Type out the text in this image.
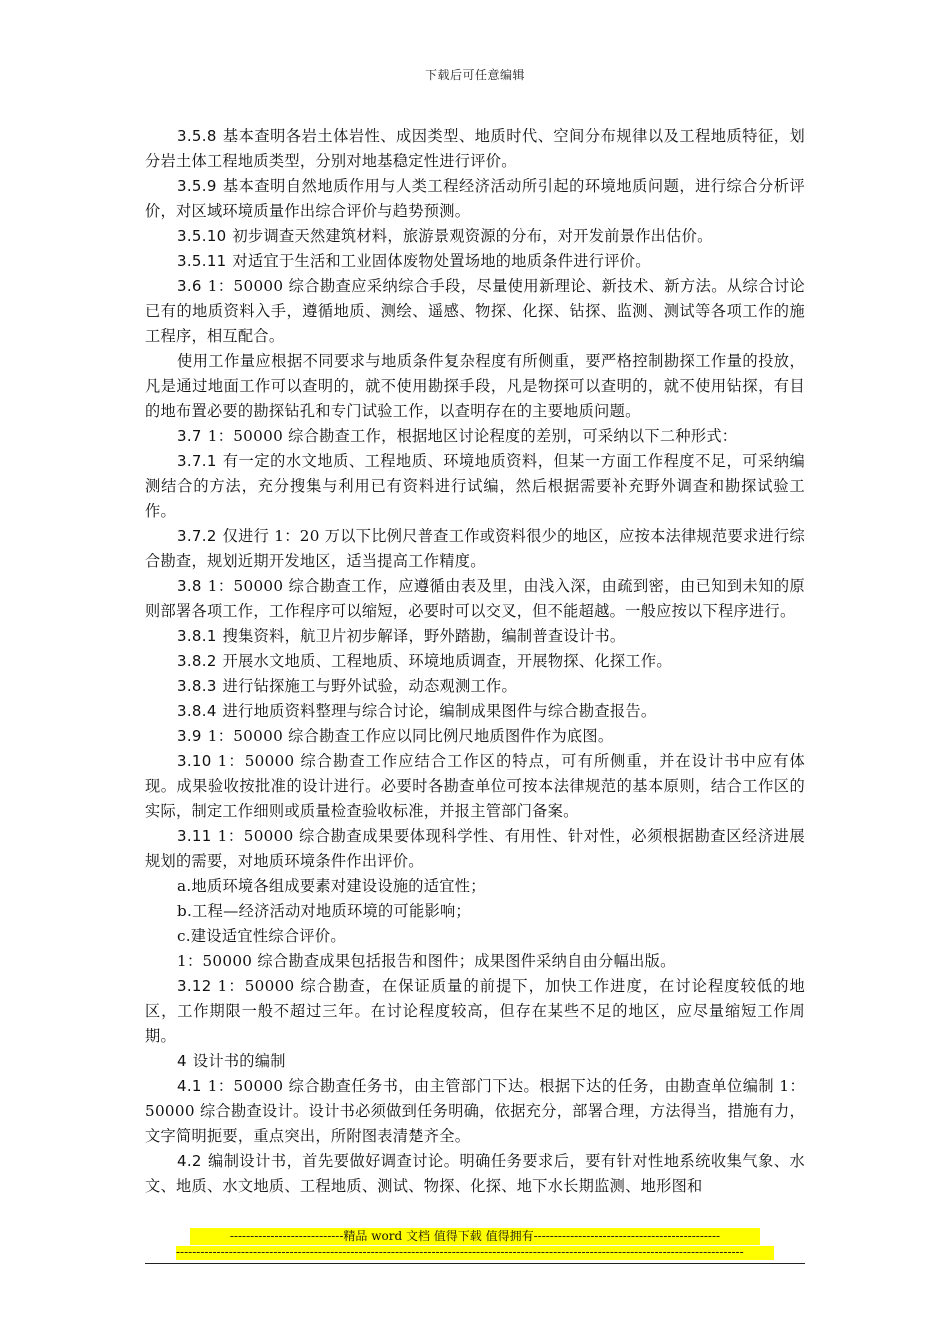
下载后可任意编辑

3.5.8 基本查明各岩土体岩性、成因类型、地质时代、空间分布规律以及工程地质特征，划分岩土体工程地质类型，分别对地基稳定性进行评价。

3.5.9 基本查明自然地质作用与人类工程经济活动所引起的环境地质问题，进行综合分析评价，对区域环境质量作出综合评价与趋势预测。

3.5.10 初步调查天然建筑材料，旅游景观资源的分布，对开发前景作出估价。

3.5.11 对适宜于生活和工业固体废物处置场地的地质条件进行评价。

3.6 1：50000 综合勘查应采纳综合手段，尽量使用新理论、新技术、新方法。从综合讨论已有的地质资料入手，遵循地质、测绘、遥感、物探、化探、钻探、监测、测试等各项工作的施工程序，相互配合。

使用工作量应根据不同要求与地质条件复杂程度有所侧重，要严格控制勘探工作量的投放，凡是通过地面工作可以查明的，就不使用勘探手段，凡是物探可以查明的，就不使用钻探，有目的地布置必要的勘探钻孔和专门试验工作，以查明存在的主要地质问题。

3.7 1：50000 综合勘查工作，根据地区讨论程度的差别，可采纳以下二种形式：

3.7.1 有一定的水文地质、工程地质、环境地质资料，但某一方面工作程度不足，可采纳编测结合的方法，充分搜集与利用已有资料进行试编，然后根据需要补充野外调查和勘探试验工作。

3.7.2 仅进行 1：20 万以下比例尺普查工作或资料很少的地区，应按本法律规范要求进行综合勘查，规划近期开发地区，适当提高工作精度。

3.8 1：50000 综合勘查工作，应遵循由表及里，由浅入深，由疏到密，由已知到未知的原则部署各项工作，工作程序可以缩短，必要时可以交叉，但不能超越。一般应按以下程序进行。

3.8.1 搜集资料，航卫片初步解译，野外踏勘，编制普查设计书。

3.8.2 开展水文地质、工程地质、环境地质调查，开展物探、化探工作。

3.8.3 进行钻探施工与野外试验，动态观测工作。

3.8.4 进行地质资料整理与综合讨论，编制成果图件与综合勘查报告。

3.9 1：50000 综合勘查工作应以同比例尺地质图件作为底图。

3.10 1：50000 综合勘查工作应结合工作区的特点，可有所侧重，并在设计书中应有体现。成果验收按批准的设计进行。必要时各勘查单位可按本法律规范的基本原则，结合工作区的实际，制定工作细则或质量检查验收标准，并报主管部门备案。

3.11 1：50000 综合勘查成果要体现科学性、有用性、针对性，必须根据勘查区经济进展规划的需要，对地质环境条件作出评价。

a.地质环境各组成要素对建设设施的适宜性；

b.工程—经济活动对地质环境的可能影响；

c.建设适宜性综合评价。

1：50000 综合勘查成果包括报告和图件；成果图件采纳自由分幅出版。

3.12 1：50000 综合勘查，在保证质量的前提下，加快工作进度，在讨论程度较低的地区，工作期限一般不超过三年。在讨论程度较高，但存在某些不足的地区，应尽量缩短工作周期。

4 设计书的编制

4.1 1：50000 综合勘查任务书，由主管部门下达。根据下达的任务，由勘查单位编制 1：50000 综合勘查设计。设计书必须做到任务明确，依据充分，部署合理，方法得当，措施有力，文字简明扼要，重点突出，所附图表清楚齐全。

4.2 编制设计书，首先要做好调查讨论。明确任务要求后，要有针对性地系统收集气象、水文、地质、水文地质、工程地质、测试、物探、化探、地下水长期监测、地形图和

----------------------------精品 word 文档 值得下载 值得拥有----------------------------------------------
--------------------------------------------------------------------------------------------------------------------------------------------
